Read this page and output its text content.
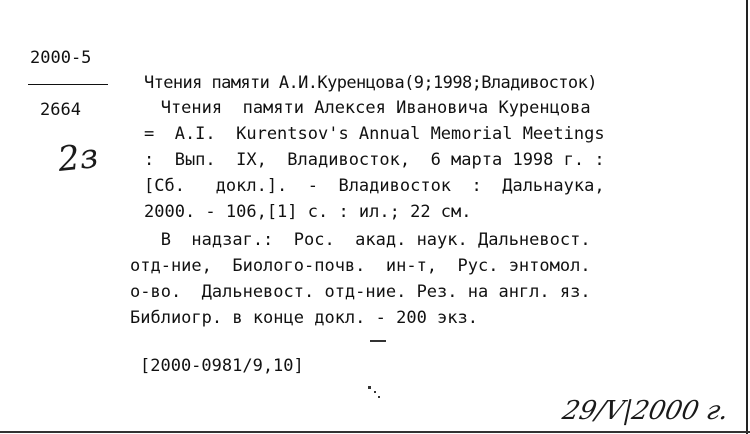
2000-5
2664
2з
Чтения памяти А.И.Куренцова(9;1998;Владивосток)
Чтения  памяти Алексея Ивановича Куренцова
=  A.I.  Kurentsov's Annual Memorial Meetings
:  Вып.  IX,  Владивосток,  6 марта 1998 г. :
[Сб.   докл.].  -  Владивосток  :  Дальнаука,
2000. - 106,[1] с. : ил.; 22 см.
В  надзаг.:  Рос.  акад. наук. Дальневост.
отд-ние,  Биолого-почв.  ин-т,  Рус. энтомол.
о-во.  Дальневост. отд-ние. Рез. на англ. яз.
Библиогр. в конце докл. - 200 экз.
[2000-0981/9,10]
29/V|2000 г.
